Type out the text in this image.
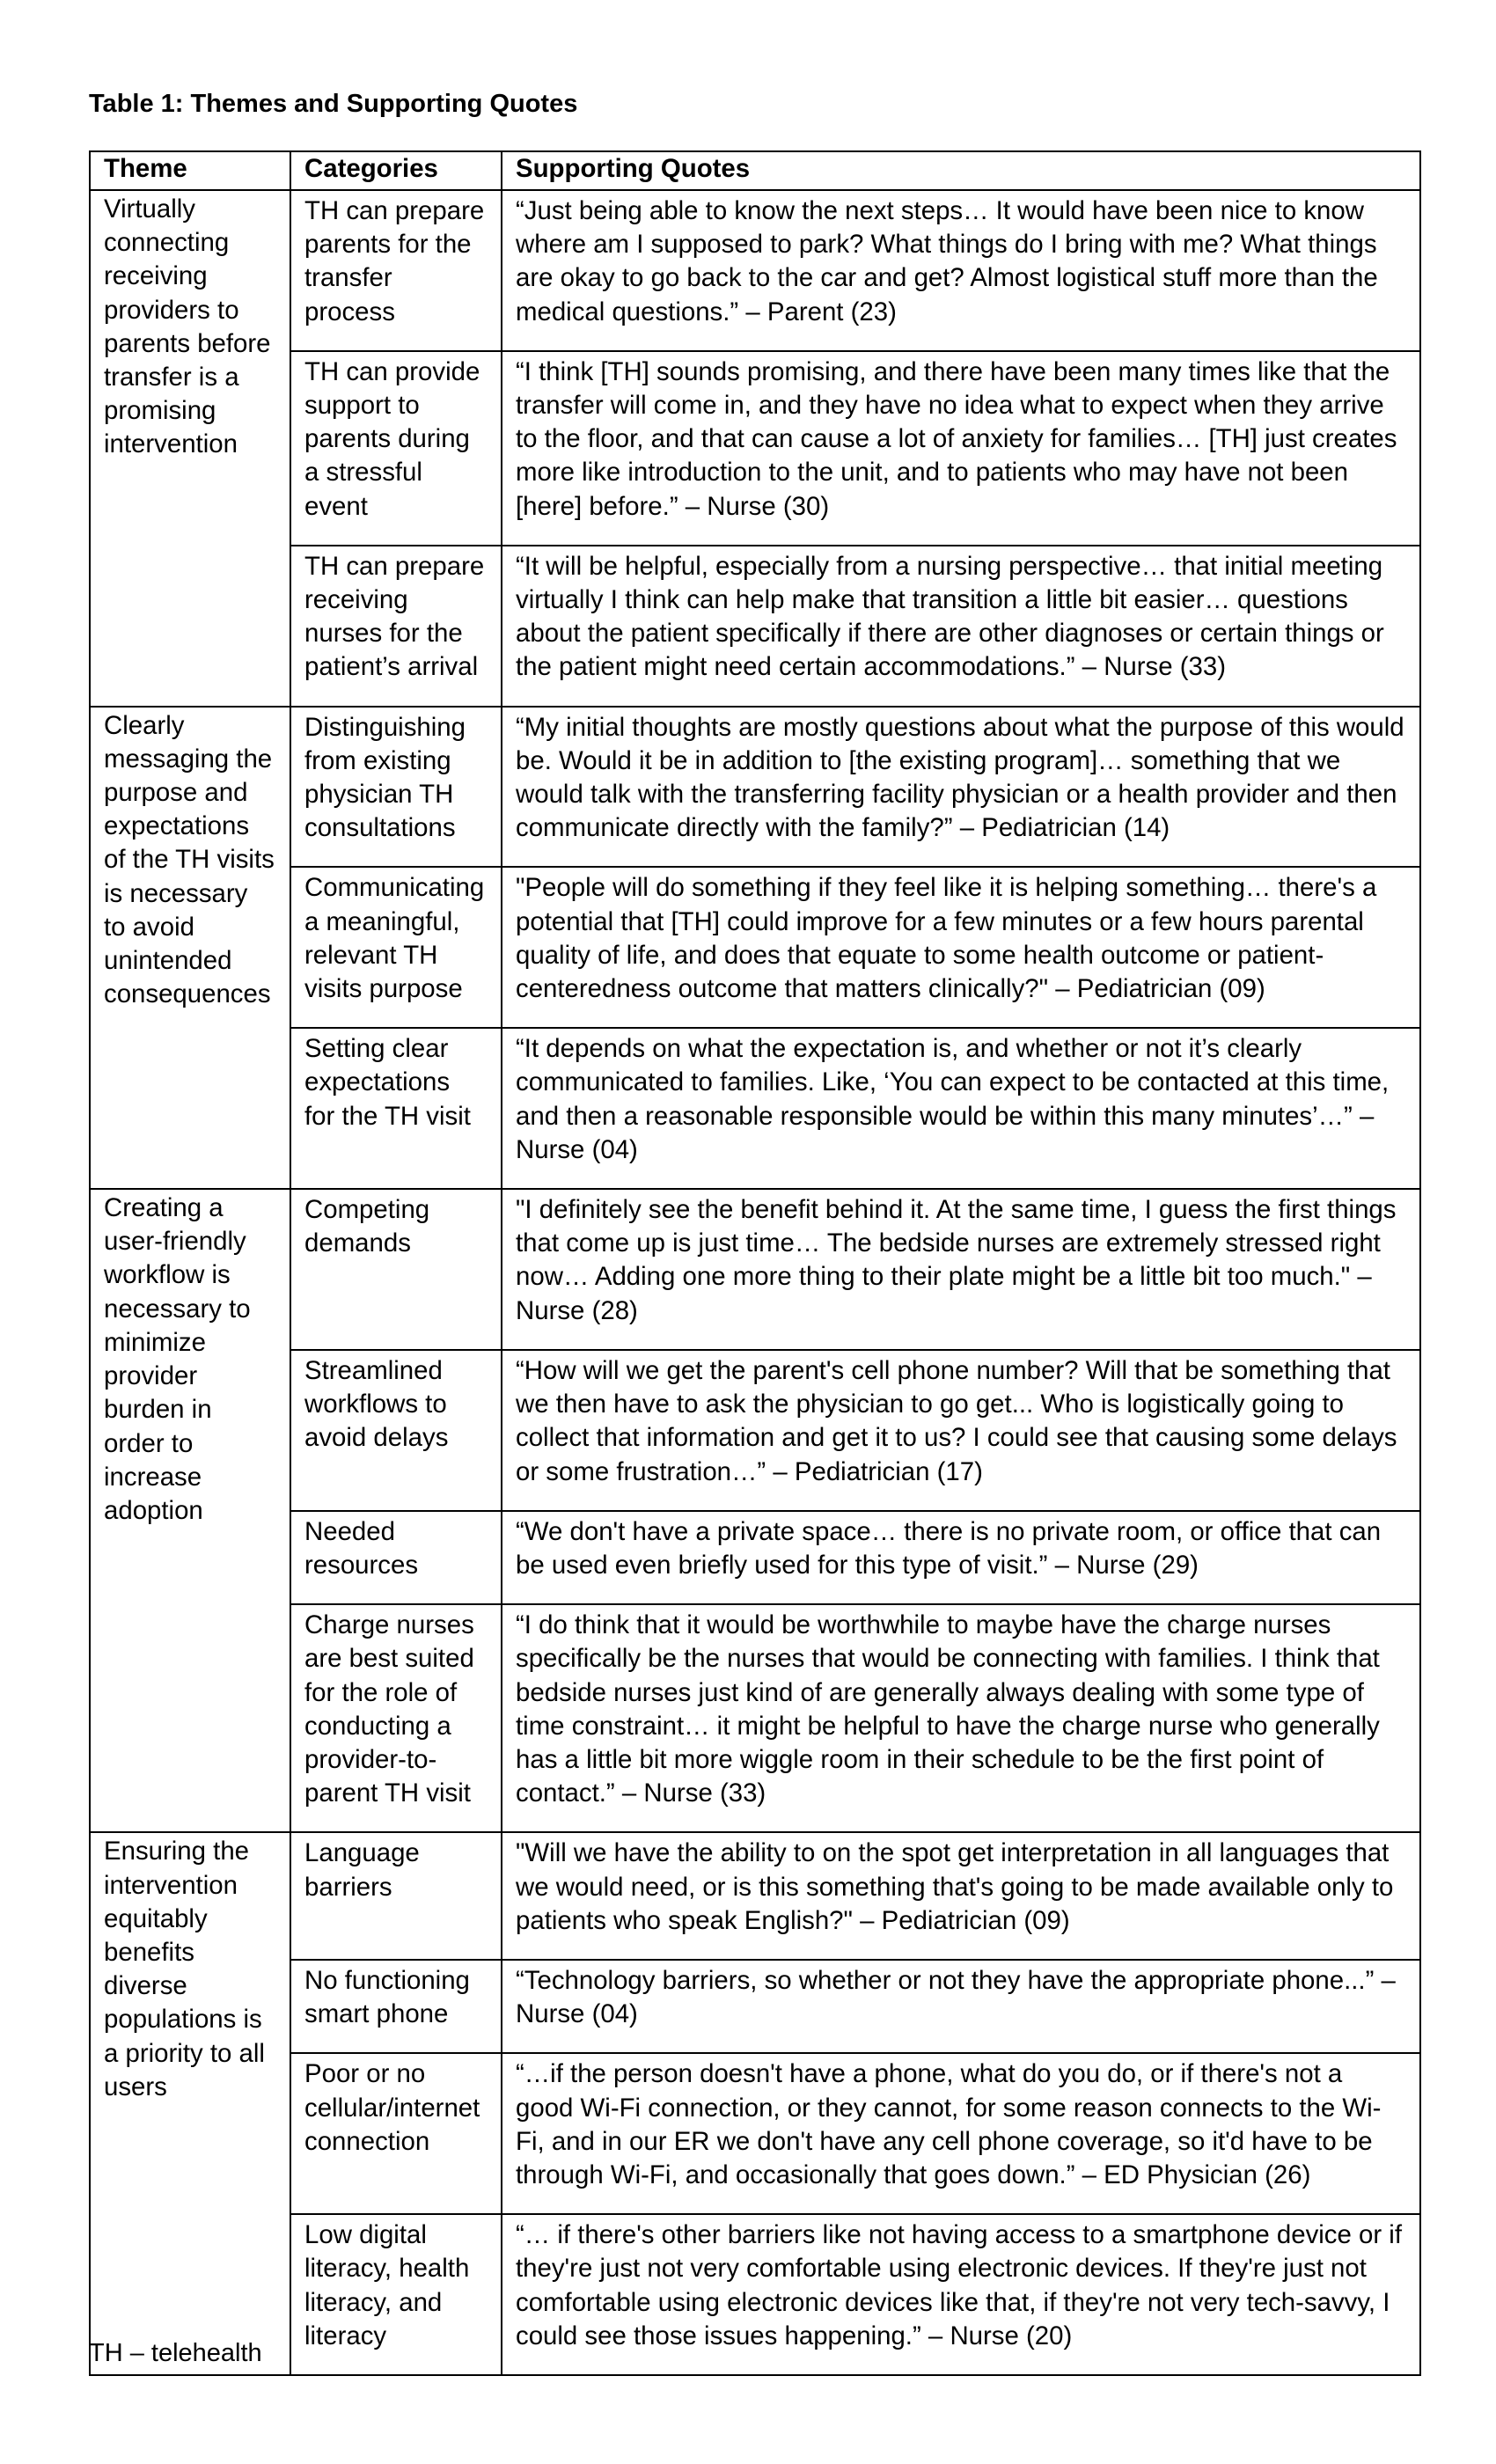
Table 1: Themes and Supporting Quotes

Theme	Categories	Supporting Quotes
Virtually connecting receiving providers to parents before transfer is a promising intervention	TH can prepare parents for the transfer process	“Just being able to know the next steps… It would have been nice to know where am I supposed to park? What things do I bring with me? What things are okay to go back to the car and get? Almost logistical stuff more than the medical questions.” – Parent (23)
	TH can provide support to parents during a stressful event	“I think [TH] sounds promising, and there have been many times like that the transfer will come in, and they have no idea what to expect when they arrive to the floor, and that can cause a lot of anxiety for families… [TH] just creates more like introduction to the unit, and to patients who may have not been [here] before.” – Nurse (30)
	TH can prepare receiving nurses for the patient’s arrival	“It will be helpful, especially from a nursing perspective… that initial meeting virtually I think can help make that transition a little bit easier… questions about the patient specifically if there are other diagnoses or certain things or the patient might need certain accommodations.” – Nurse (33)
Clearly messaging the purpose and expectations of the TH visits is necessary to avoid unintended consequences	Distinguishing from existing physician TH consultations	“My initial thoughts are mostly questions about what the purpose of this would be. Would it be in addition to [the existing program]… something that we would talk with the transferring facility physician or a health provider and then communicate directly with the family?” – Pediatrician (14)
	Communicating a meaningful, relevant TH visits purpose	"People will do something if they feel like it is helping something… there's a potential that [TH] could improve for a few minutes or a few hours parental quality of life, and does that equate to some health outcome or patient-centeredness outcome that matters clinically?" – Pediatrician (09)
	Setting clear expectations for the TH visit	“It depends on what the expectation is, and whether or not it’s clearly communicated to families. Like, ‘You can expect to be contacted at this time, and then a reasonable responsible would be within this many minutes’…” – Nurse (04)
Creating a user-friendly workflow is necessary to minimize provider burden in order to increase adoption	Competing demands	"I definitely see the benefit behind it. At the same time, I guess the first things that come up is just time… The bedside nurses are extremely stressed right now… Adding one more thing to their plate might be a little bit too much." – Nurse (28)
	Streamlined workflows to avoid delays	“How will we get the parent's cell phone number? Will that be something that we then have to ask the physician to go get... Who is logistically going to collect that information and get it to us? I could see that causing some delays or some frustration…” – Pediatrician (17)
	Needed resources	“We don't have a private space… there is no private room, or office that can be used even briefly used for this type of visit.” – Nurse (29)
	Charge nurses are best suited for the role of conducting a provider-to-parent TH visit	“I do think that it would be worthwhile to maybe have the charge nurses specifically be the nurses that would be connecting with families. I think that bedside nurses just kind of are generally always dealing with some type of time constraint… it might be helpful to have the charge nurse who generally has a little bit more wiggle room in their schedule to be the first point of contact.” – Nurse (33)
Ensuring the intervention equitably benefits diverse populations is a priority to all users	Language barriers	"Will we have the ability to on the spot get interpretation in all languages that we would need, or is this something that's going to be made available only to patients who speak English?" – Pediatrician (09)
	No functioning smart phone	“Technology barriers, so whether or not they have the appropriate phone...” – Nurse (04)
	Poor or no cellular/internet connection	“…if the person doesn't have a phone, what do you do, or if there's not a good Wi-Fi connection, or they cannot, for some reason connects to the Wi-Fi, and in our ER we don't have any cell phone coverage, so it'd have to be through Wi-Fi, and occasionally that goes down.” – ED Physician (26)
	Low digital literacy, health literacy, and literacy	“… if there's other barriers like not having access to a smartphone device or if they're just not very comfortable using electronic devices. If they're just not comfortable using electronic devices like that, if they're not very tech-savvy, I could see those issues happening.” – Nurse (20)

TH – telehealth
